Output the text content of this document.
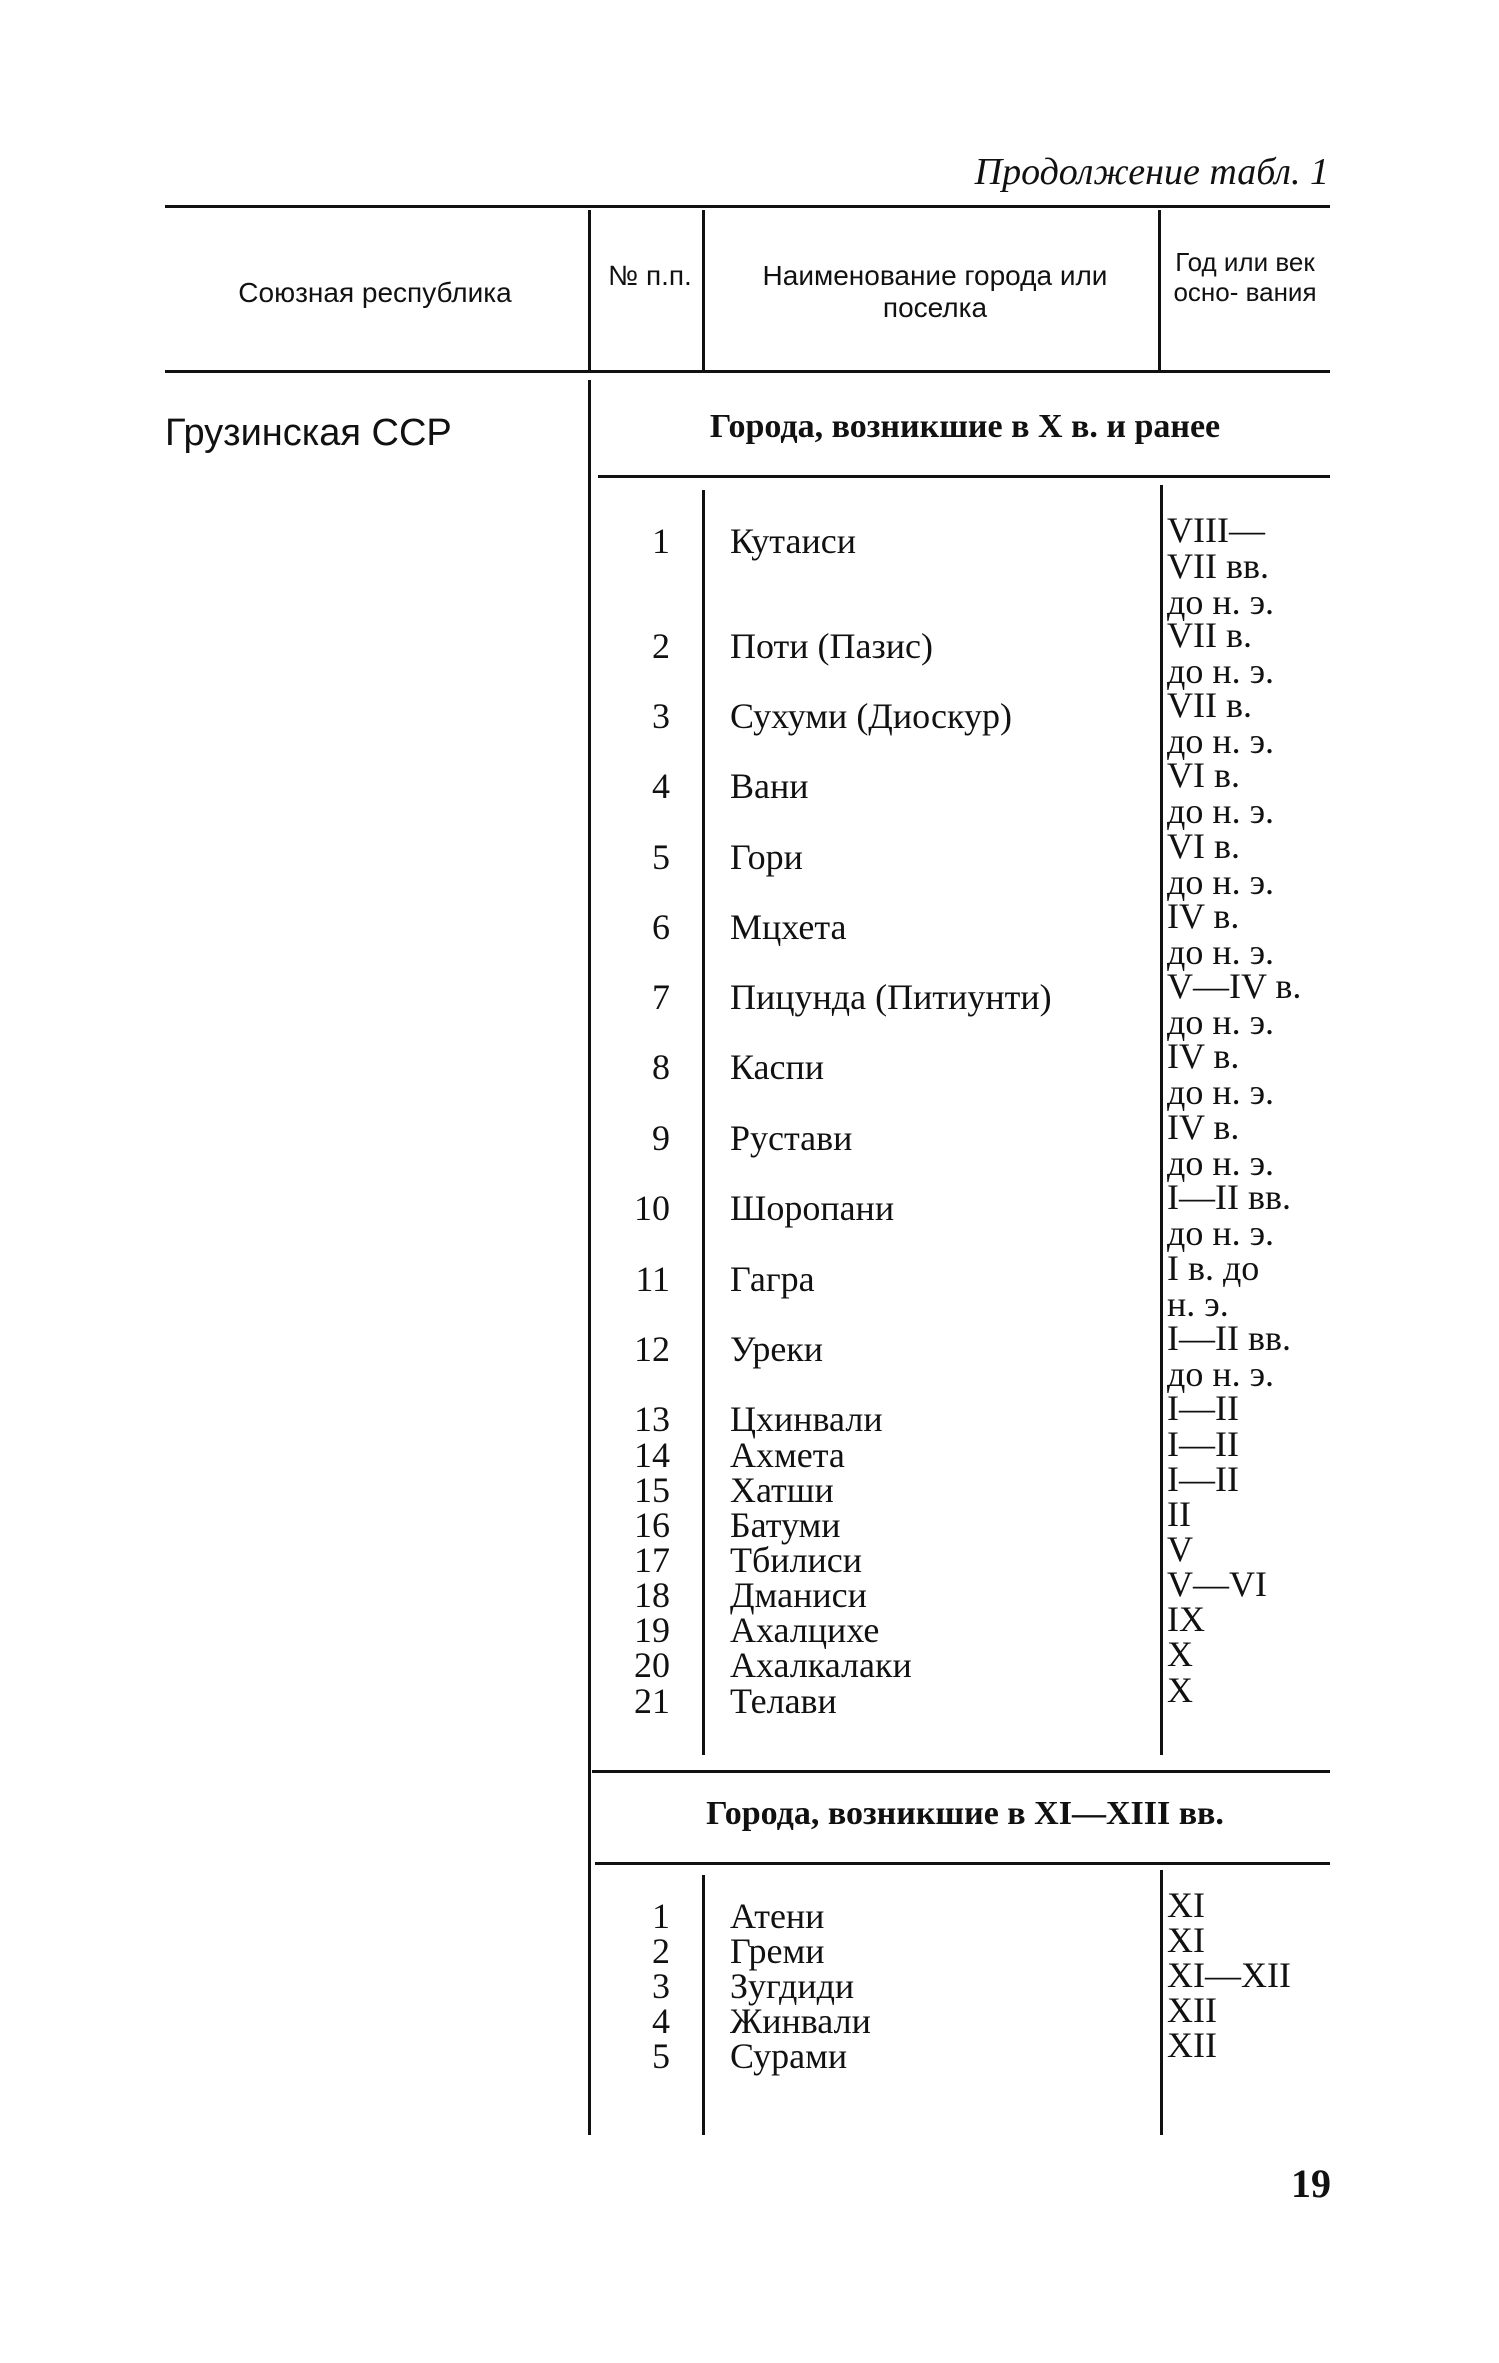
Продолжение табл. 1
Союзная республика
№ п.п.	Наименование города или поселка
Год или век осно- вания
Грузинская ССР	Города, возникшие в X в. и ранее
1 Кутаиси	VIII—
VII вв.
до н. э.
2 Поти (Пазис)	VII в.
до н. э.
3 Сухуми (Диоскур)	VII в.
до н. э.
4 Вани	VI в.
до н. э.
5 Гори	VI в.
до н. э.
6 Мцхета	IV в.
до н. э.
7 Пицунда (Питиунти)	V—IV в.
до н. э.
8 Каспи	IV в.
до н. э.
9 Рустави	IV в.
до н. э.
10 Шоропани	I—II вв.
до н. э.
11 Гагра	I в. до
н. э.
12 Уреки	I—II вв.
до н. э.
13 Цхинвали	I—II
14 Ахмета	I—II
15 Хатши	I—II
16 Батуми	II
17 Тбилиси	V
18 Дманиси	V—VI
19 Ахалцихе	IX
20 Ахалкалаки	X
21 Телави	X
Города, возникшие в XI—XIII вв.
1 Атени	XI
2 Греми	XI
3 Зугдиди	XI—XII
4 Жинвали	XII
5 Сурами	XII
19
